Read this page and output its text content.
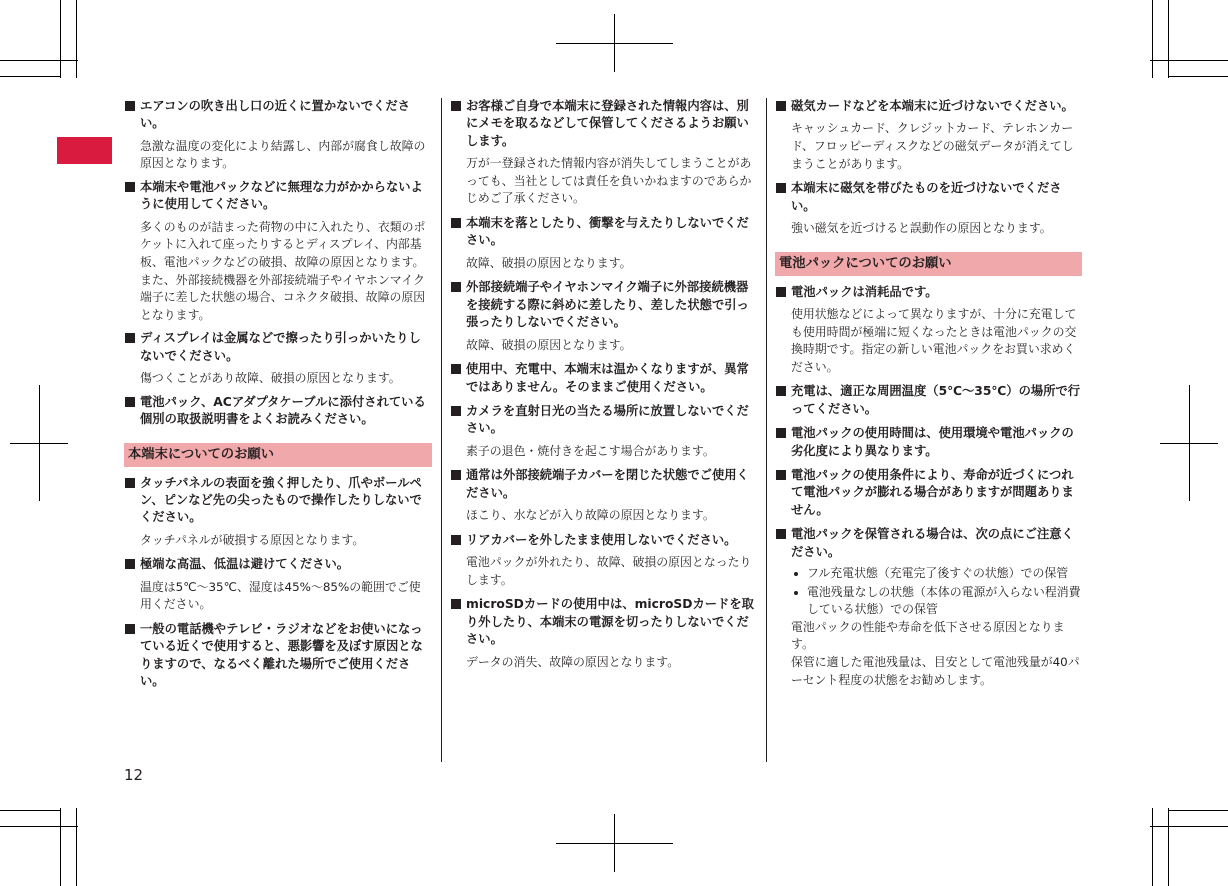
エアコンの吹き出し口の近くに置かないでください。

急激な温度の変化により結露し、内部が腐食し故障の原因となります。

本端末や電池パックなどに無理な力がかからないように使用してください。

多くのものが詰まった荷物の中に入れたり、衣類のポケットに入れて座ったりするとディスプレイ、内部基板、電池パックなどの破損、故障の原因となります。

また、外部接続機器を外部接続端子やイヤホンマイク端子に差した状態の場合、コネクタ破損、故障の原因となります。

ディスプレイは金属などで擦ったり引っかいたりしないでください。

傷つくことがあり故障、破損の原因となります。

電池パック、ACアダプタケーブルに添付されている個別の取扱説明書をよくお読みください。

本端末についてのお願い

タッチパネルの表面を強く押したり、爪やボールペン、ピンなど先の尖ったもので操作したりしないでください。

タッチパネルが破損する原因となります。

極端な高温、低温は避けてください。

温度は5℃～35℃、湿度は45%～85%の範囲でご使用ください。

一般の電話機やテレビ・ラジオなどをお使いになっている近くで使用すると、悪影響を及ぼす原因となりますので、なるべく離れた場所でご使用ください。

お客様ご自身で本端末に登録された情報内容は、別にメモを取るなどして保管してくださるようお願いします。

万が一登録された情報内容が消失してしまうことがあっても、当社としては責任を負いかねますのであらかじめご了承ください。

本端末を落としたり、衝撃を与えたりしないでください。

故障、破損の原因となります。

外部接続端子やイヤホンマイク端子に外部接続機器を接続する際に斜めに差したり、差した状態で引っ張ったりしないでください。

故障、破損の原因となります。

使用中、充電中、本端末は温かくなりますが、異常ではありません。そのままご使用ください。

カメラを直射日光の当たる場所に放置しないでください。

素子の退色・焼付きを起こす場合があります。

通常は外部接続端子カバーを閉じた状態でご使用ください。

ほこり、水などが入り故障の原因となります。

リアカバーを外したまま使用しないでください。

電池パックが外れたり、故障、破損の原因となったりします。

microSDカードの使用中は、microSDカードを取り外したり、本端末の電源を切ったりしないでください。

データの消失、故障の原因となります。

磁気カードなどを本端末に近づけないでください。

キャッシュカード、クレジットカード、テレホンカード、フロッピーディスクなどの磁気データが消えてしまうことがあります。

本端末に磁気を帯びたものを近づけないでください。

強い磁気を近づけると誤動作の原因となります。

電池パックについてのお願い

電池パックは消耗品です。

使用状態などによって異なりますが、十分に充電しても使用時間が極端に短くなったときは電池パックの交換時期です。指定の新しい電池パックをお買い求めください。

充電は、適正な周囲温度（5℃～35℃）の場所で行ってください。

電池パックの使用時間は、使用環境や電池パックの劣化度により異なります。

電池パックの使用条件により、寿命が近づくにつれて電池パックが膨れる場合がありますが問題ありません。

電池パックを保管される場合は、次の点にご注意ください。

フル充電状態（充電完了後すぐの状態）での保管

電池残量なしの状態（本体の電源が入らない程消費している状態）での保管

電池パックの性能や寿命を低下させる原因となります。

保管に適した電池残量は、目安として電池残量が40パーセント程度の状態をお勧めします。

12
